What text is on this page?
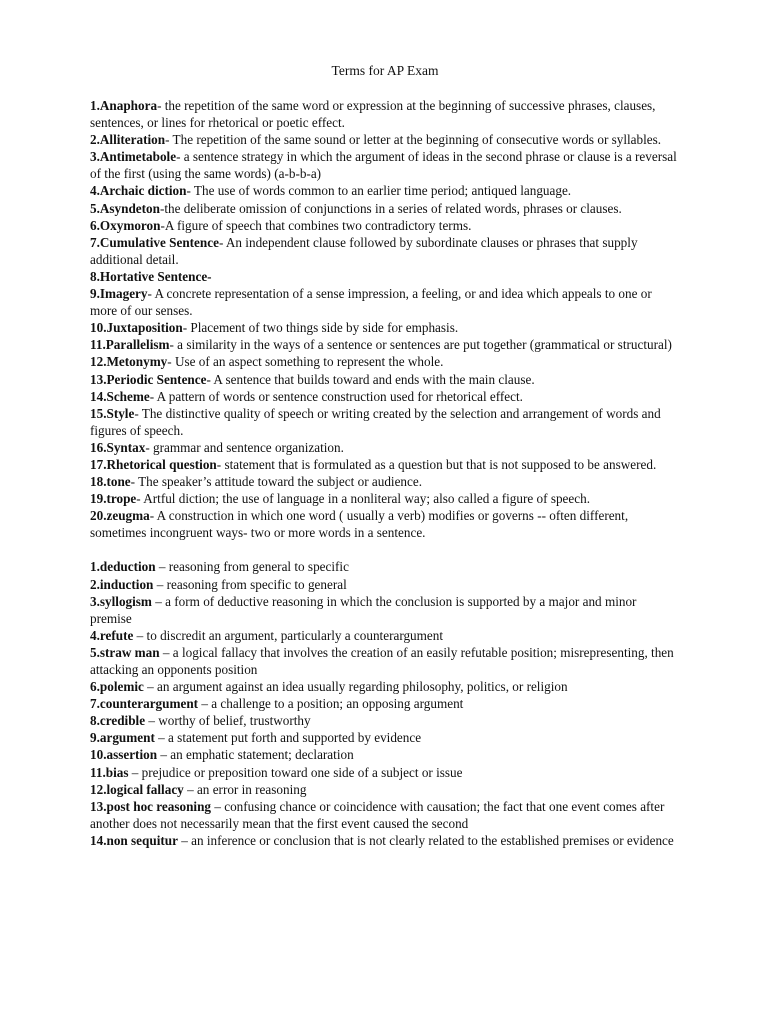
Terms for AP Exam
1.Anaphora- the repetition of the same word or expression at the beginning of successive phrases, clauses, sentences, or lines for rhetorical or poetic effect.
2.Alliteration- The repetition of the same sound or letter at the beginning of consecutive words or syllables.
3.Antimetabole- a sentence strategy in which the argument of ideas in the second phrase or clause is a reversal of the first (using the same words) (a-b-b-a)
4.Archaic diction- The use of words common to an earlier time period; antiqued language.
5.Asyndeton-the deliberate omission of conjunctions in a series of related words, phrases or clauses.
6.Oxymoron-A figure of speech that combines two contradictory terms.
7.Cumulative Sentence- An independent clause followed by subordinate clauses or phrases that supply additional detail.
8.Hortative Sentence-
9.Imagery- A concrete representation of a sense impression, a feeling, or and idea which appeals to one or more of our senses.
10.Juxtaposition- Placement of two things side by side for emphasis.
11.Parallelism- a similarity in the ways of a sentence or sentences are put together (grammatical or structural)
12.Metonymy- Use of an aspect something to represent the whole.
13.Periodic Sentence- A sentence that builds toward and ends with the main clause.
14.Scheme- A pattern of words or sentence construction used for rhetorical effect.
15.Style- The distinctive quality of speech or writing created by the selection and arrangement of words and figures of speech.
16.Syntax- grammar and sentence organization.
17.Rhetorical question- statement that is formulated as a question but that is not supposed to be answered.
18.tone- The speaker’s attitude toward the subject or audience.
19.trope- Artful diction; the use of language in a nonliteral way; also called a figure of speech.
20.zeugma- A construction in which one word ( usually a verb) modifies or governs -- often different, sometimes incongruent ways- two or more words in a sentence.
1.deduction – reasoning from general to specific
2.induction – reasoning from specific to general
3.syllogism – a form of deductive reasoning in which the conclusion is supported by a major and minor premise
4.refute – to discredit an argument, particularly a counterargument
5.straw man – a logical fallacy that involves the creation of an easily refutable position; misrepresenting, then attacking an opponents position
6.polemic – an argument against an idea usually regarding philosophy, politics, or religion
7.counterargument – a challenge to a position; an opposing argument
8.credible – worthy of belief, trustworthy
9.argument – a statement put forth and supported by evidence
10.assertion – an emphatic statement; declaration
11.bias – prejudice or preposition toward one side of a subject or issue
12.logical fallacy – an error in reasoning
13.post hoc reasoning – confusing chance or coincidence with causation; the fact that one event comes after another does not necessarily mean that the first event caused the second
14.non sequitur – an inference or conclusion that is not clearly related to the established premises or evidence
